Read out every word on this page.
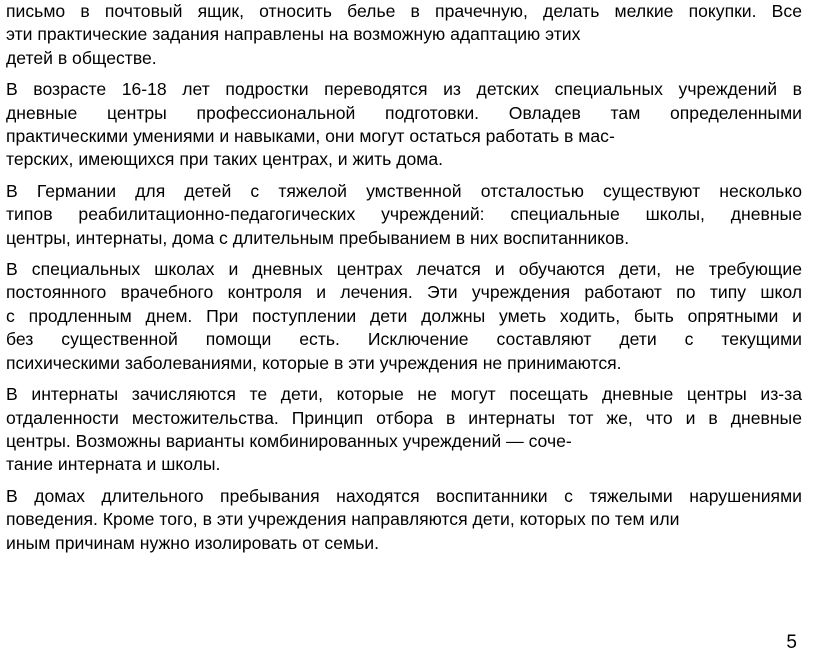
письмо в почтовый ящик, относить белье в прачечную, делать мелкие покупки. Все
эти практические задания направлены на возможную адаптацию этих
детей в обществе.
В возрасте 16-18 лет подростки переводятся из детских специальных учреждений в
дневные центры профессиональной подготовки. Овладев там определенными
практическими умениями и навыками, они могут остаться работать в мас-
терских, имеющихся при таких центрах, и жить дома.
В Германии для детей с тяжелой умственной отсталостью существуют несколько
типов реабилитационно-педагогических учреждений: специальные школы, дневные
центры, интернаты, дома с длительным пребыванием в них воспитанников.
В специальных школах и дневных центрах лечатся и обучаются дети, не требующие
постоянного врачебного контроля и лечения. Эти учреждения работают по типу школ
с продленным днем. При поступлении дети должны уметь ходить, быть опрятными и
без существенной помощи есть. Исключение составляют дети с текущими
психическими заболеваниями, которые в эти учреждения не принимаются.
В интернаты зачисляются те дети, которые не могут посещать дневные центры из-за
отдаленности местожительства. Принцип отбора в интернаты тот же, что и в дневные
центры. Возможны варианты комбинированных учреждений — соче-
тание интерната и школы.
В домах длительного пребывания находятся воспитанники с тяжелыми нарушениями
поведения. Кроме того, в эти учреждения направляются дети, которых по тем или
иным причинам нужно изолировать от семьи.
5
